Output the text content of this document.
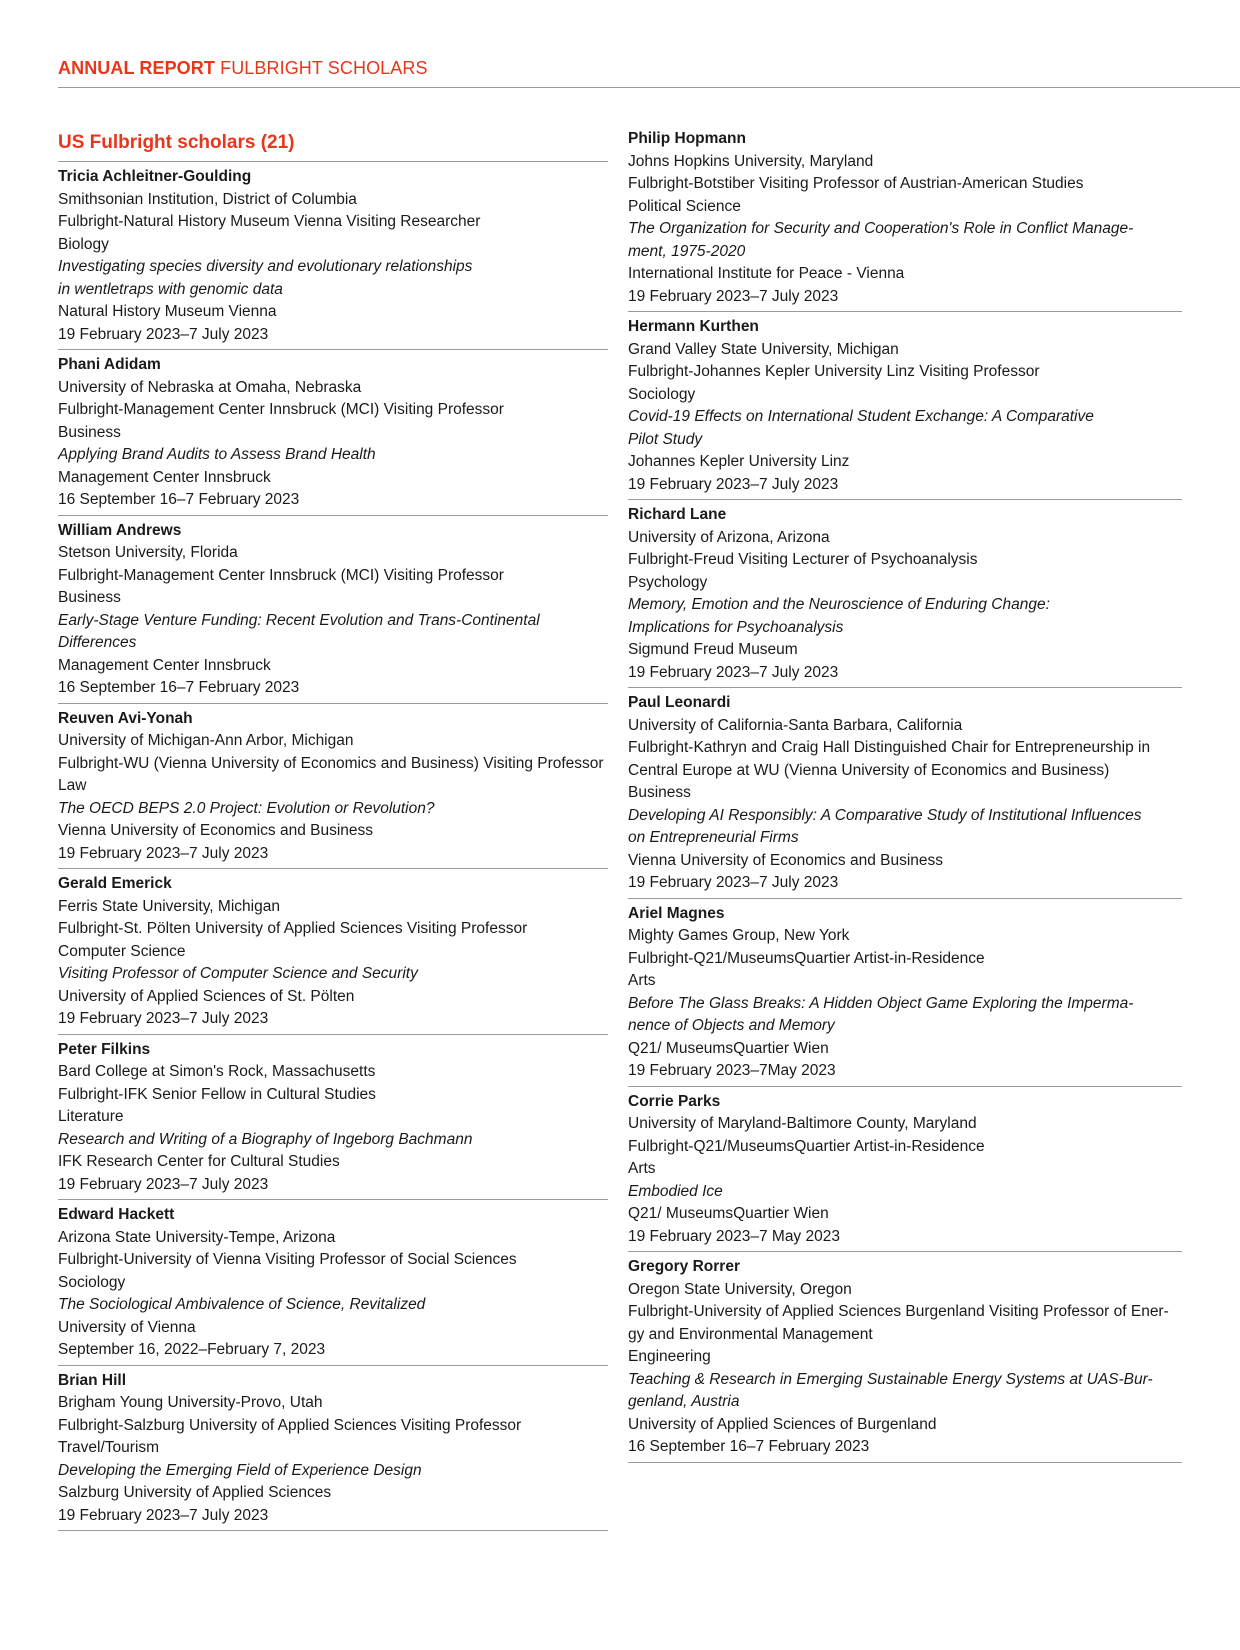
ANNUAL REPORT FULBRIGHT SCHOLARS
US Fulbright scholars (21)
Tricia Achleitner-Goulding
Smithsonian Institution, District of Columbia
Fulbright-Natural History Museum Vienna Visiting Researcher
Biology
Investigating species diversity and evolutionary relationships
in wentletraps with genomic data
Natural History Museum Vienna
19 February 2023–7 July 2023
Phani Adidam
University of Nebraska at Omaha, Nebraska
Fulbright-Management Center Innsbruck (MCI) Visiting Professor
Business
Applying Brand Audits to Assess Brand Health
Management Center Innsbruck
16 September 16–7 February 2023
William Andrews
Stetson University, Florida
Fulbright-Management Center Innsbruck (MCI) Visiting Professor
Business
Early-Stage Venture Funding: Recent Evolution and Trans-Continental
Differences
Management Center Innsbruck
16 September 16–7 February 2023
Reuven Avi-Yonah
University of Michigan-Ann Arbor, Michigan
Fulbright-WU (Vienna University of Economics and Business) Visiting Professor
Law
The OECD BEPS 2.0 Project: Evolution or Revolution?
Vienna University of Economics and Business
19 February 2023–7 July 2023
Gerald Emerick
Ferris State University, Michigan
Fulbright-St. Pölten University of Applied Sciences Visiting Professor
Computer Science
Visiting Professor of Computer Science and Security
University of Applied Sciences of St. Pölten
19 February 2023–7 July 2023
Peter Filkins
Bard College at Simon's Rock, Massachusetts
Fulbright-IFK Senior Fellow in Cultural Studies
Literature
Research and Writing of a Biography of Ingeborg Bachmann
IFK Research Center for Cultural Studies
19 February 2023–7 July 2023
Edward Hackett
Arizona State University-Tempe, Arizona
Fulbright-University of Vienna Visiting Professor of Social Sciences
Sociology
The Sociological Ambivalence of Science, Revitalized
University of Vienna
September 16, 2022–February 7, 2023
Brian Hill
Brigham Young University-Provo, Utah
Fulbright-Salzburg University of Applied Sciences Visiting Professor
Travel/Tourism
Developing the Emerging Field of Experience Design
Salzburg University of Applied Sciences
19 February 2023–7 July 2023
Philip Hopmann
Johns Hopkins University, Maryland
Fulbright-Botstiber Visiting Professor of Austrian-American Studies
Political Science
The Organization for Security and Cooperation's Role in Conflict Manage-
ment, 1975-2020
International Institute for Peace - Vienna
19 February 2023–7 July 2023
Hermann Kurthen
Grand Valley State University, Michigan
Fulbright-Johannes Kepler University Linz Visiting Professor
Sociology
Covid-19 Effects on International Student Exchange: A Comparative
Pilot Study
Johannes Kepler University Linz
19 February 2023–7 July 2023
Richard Lane
University of Arizona, Arizona
Fulbright-Freud Visiting Lecturer of Psychoanalysis
Psychology
Memory, Emotion and the Neuroscience of Enduring Change:
Implications for Psychoanalysis
Sigmund Freud Museum
19 February 2023–7 July 2023
Paul Leonardi
University of California-Santa Barbara, California
Fulbright-Kathryn and Craig Hall Distinguished Chair for Entrepreneurship in
Central Europe at WU (Vienna University of Economics and Business)
Business
Developing AI Responsibly: A Comparative Study of Institutional Influences
on Entrepreneurial Firms
Vienna University of Economics and Business
19 February 2023–7 July 2023
Ariel Magnes
Mighty Games Group, New York
Fulbright-Q21/MuseumsQuartier Artist-in-Residence
Arts
Before The Glass Breaks: A Hidden Object Game Exploring the Imperma-
nence of Objects and Memory
Q21/ MuseumsQuartier Wien
19 February 2023–7May 2023
Corrie Parks
University of Maryland-Baltimore County, Maryland
Fulbright-Q21/MuseumsQuartier Artist-in-Residence
Arts
Embodied Ice
Q21/ MuseumsQuartier Wien
19 February 2023–7 May 2023
Gregory Rorrer
Oregon State University, Oregon
Fulbright-University of Applied Sciences Burgenland Visiting Professor of Ener-
gy and Environmental Management
Engineering
Teaching & Research in Emerging Sustainable Energy Systems at UAS-Bur-
genland, Austria
University of Applied Sciences of Burgenland
16 September 16–7 February 2023
